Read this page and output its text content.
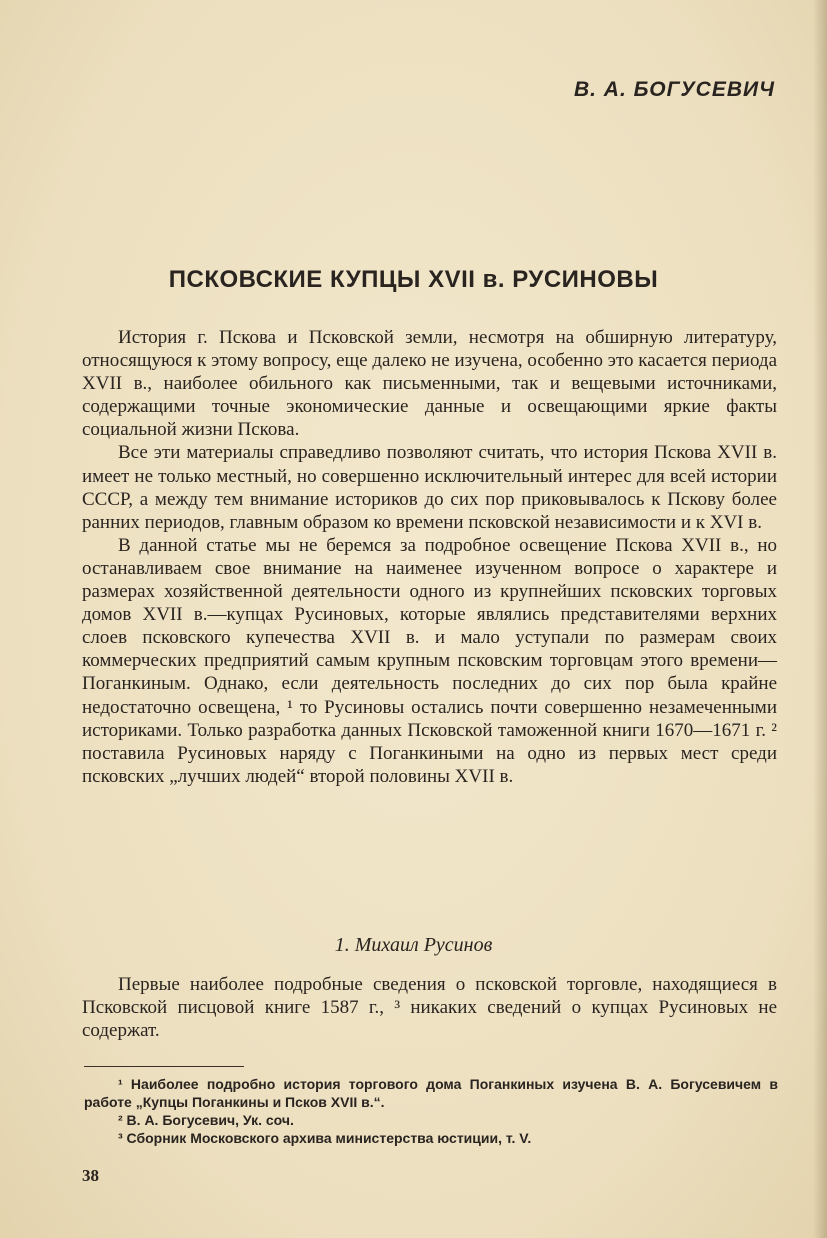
В. А. БОГУСЕВИЧ
ПСКОВСКИЕ КУПЦЫ XVII в. РУСИНОВЫ

История г. Пскова и Псковской земли, несмотря на обширную литературу, относящуюся к этому вопросу, еще далеко не изучена, особенно это касается периода XVII в., наиболее обильного как письменными, так и вещевыми источниками, содержащими точные экономические данные и освещающими яркие факты социальной жизни Пскова.

Все эти материалы справедливо позволяют считать, что история Пскова XVII в. имеет не только местный, но совершенно исключительный интерес для всей истории СССР, а между тем внимание историков до сих пор приковывалось к Пскову более ранних периодов, главным образом ко времени псковской независимости и к XVI в.

В данной статье мы не беремся за подробное освещение Пскова XVII в., но останавливаем свое внимание на наименее изученном вопросе о характере и размерах хозяйственной деятельности одного из крупнейших псковских торговых домов XVII в.—купцах Русиновых, которые являлись представителями верхних слоев псковского купечества XVII в. и мало уступали по размерам своих коммерческих предприятий самым крупным псковским торговцам этого времени—Поганкиным. Однако, если деятельность последних до сих пор была крайне недостаточно освещена, ¹ то Русиновы остались почти совершенно незамеченными историками. Только разработка данных Псковской таможенной книги 1670—1671 г. ² поставила Русиновых наряду с Поганкиными на одно из первых мест среди псковских „лучших людей“ второй половины XVII в.

1. Михаил Русинов

Первые наиболее подробные сведения о псковской торговле, находящиеся в Псковской писцовой книге 1587 г., ³ никаких сведений о купцах Русиновых не содержат.

¹ Наиболее подробно история торгового дома Поганкиных изучена В. А. Богусевичем в работе „Купцы Поганкины и Псков XVII в.“.

² В. А. Богусевич, Ук. соч.

³ Сборник Московского архива министерства юстиции, т. V.

38
